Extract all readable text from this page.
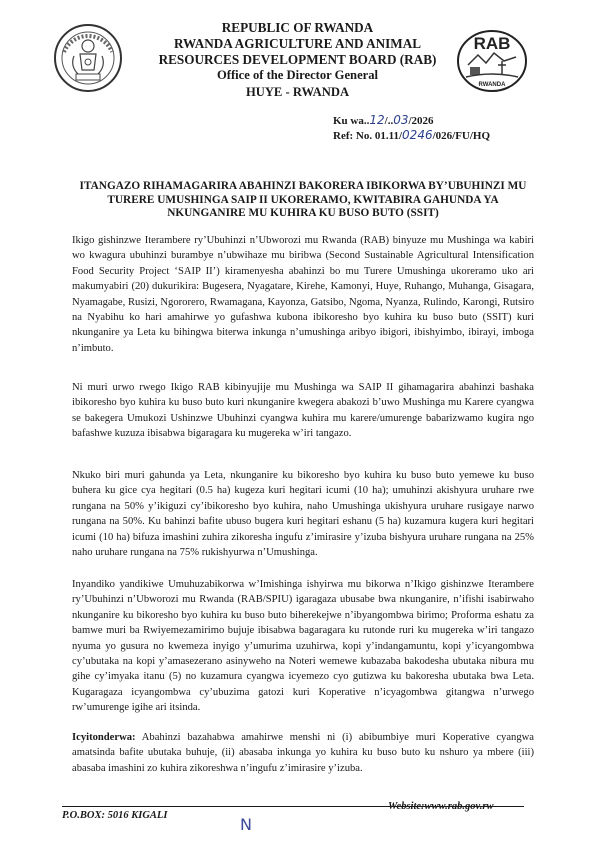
REPUBLIC OF RWANDA
RWANDA AGRICULTURE AND ANIMAL
RESOURCES DEVELOPMENT BOARD (RAB)
Office of the Director General
HUYE - RWANDA
RAB
RWANDA
Ku wa..12/..03/2026
Ref: No. 01.11/0246/026/FU/HQ
ITANGAZO RIHAMAGARIRA ABAHINZI BAKORERA IBIKORWA BY’UBUHINZI MU TURERE UMUSHINGA SAIP II UKORERAMO, KWITABIRA GAHUNDA YA NKUNGANIRE MU KUHIRA KU BUSO BUTO (SSIT)
Ikigo gishinzwe Iterambere ry’Ubuhinzi n’Ubworozi mu Rwanda (RAB) binyuze mu Mushinga wa kabiri wo kwagura ubuhinzi burambye n’ubwihaze mu biribwa (Second Sustainable Agricultural Intensification Food Security Project ‘SAIP II’) kiramenyesha abahinzi bo mu Turere Umushinga ukoreramo uko ari makumyabiri (20) dukurikira: Bugesera, Nyagatare, Kirehe, Kamonyi, Huye, Ruhango, Muhanga, Gisagara, Nyamagabe, Rusizi, Ngororero, Rwamagana, Kayonza, Gatsibo, Ngoma, Nyanza, Rulindo, Karongi, Rutsiro na Nyabihu ko hari amahirwe yo gufashwa kubona ibikoresho byo kuhira ku buso buto (SSIT) kuri nkunganire ya Leta ku bihingwa biterwa inkunga n’umushinga aribyo ibigori, ibishyimbo, ibirayi, imboga n’imbuto.
Ni muri urwo rwego Ikigo RAB kibinyujije mu Mushinga wa SAIP II gihamagarira abahinzi bashaka ibikoresho byo kuhira ku buso buto kuri nkunganire kwegera abakozi b’uwo Mushinga mu Karere cyangwa se bakegera Umukozi Ushinzwe Ubuhinzi cyangwa kuhira mu karere/umurenge babarizwamo kugira ngo bafashwe kuzuza ibisabwa bigaragara ku mugereka w’iri tangazo.
Nkuko biri muri gahunda ya Leta, nkunganire ku bikoresho byo kuhira ku buso buto yemewe ku buso buhera ku gice cya hegitari (0.5 ha) kugeza kuri hegitari icumi (10 ha); umuhinzi akishyura uruhare rwe rungana na 50% y’ikiguzi cy’ibikoresho byo kuhira, naho Umushinga ukishyura uruhare rusigaye narwo rungana na 50%. Ku bahinzi bafite ubuso bugera kuri hegitari eshanu (5 ha) kuzamura kugera kuri hegitari icumi (10 ha) bifuza imashini zuhira zikoresha ingufu z’imirasire y’izuba bishyura uruhare rungana na 25% naho uruhare rungana na 75% rukishyurwa n’Umushinga.
Inyandiko yandikiwe Umuhuzabikorwa w’Imishinga ishyirwa mu bikorwa n’Ikigo gishinzwe Iterambere ry’Ubuhinzi n’Ubworozi mu Rwanda (RAB/SPIU) igaragaza ubusabe bwa nkunganire, n’ifishi isabirwaho nkunganire ku bikoresho byo kuhira ku buso buto biherekejwe n’ibyangombwa birimo; Proforma eshatu za bamwe muri ba Rwiyemezamirimo bujuje ibisabwa bagaragara ku rutonde ruri ku mugereka w’iri tangazo nyuma yo gusura no kwemeza inyigo y’umurima uzuhirwa, kopi y’indangamuntu, kopi y’icyangombwa cy’ubutaka na kopi y’amasezerano asinyweho na Noteri wemewe kubazaba bakodesha ubutaka nibura mu gihe cy’imyaka itanu (5) no kuzamura cyangwa icyemezo cyo gutizwa ku bakoresha ubutaka bwa Leta. Kugaragaza icyangombwa cy’ubuzima gatozi kuri Koperative n’icyagombwa gitangwa n’urwego rw’umurenge igihe ari itsinda.
Icyitonderwa: Abahinzi bazahabwa amahirwe menshi ni (i) abibumbiye muri Koperative cyangwa amatsinda bafite ubutaka buhuje, (ii) abasaba inkunga yo kuhira ku buso buto ku nshuro ya mbere (iii) abasaba imashini zo kuhira zikoreshwa n’ingufu z’imirasire y’izuba.
Website:www.rab.gov.rw
P.O.BOX: 5016 KIGALI	N
